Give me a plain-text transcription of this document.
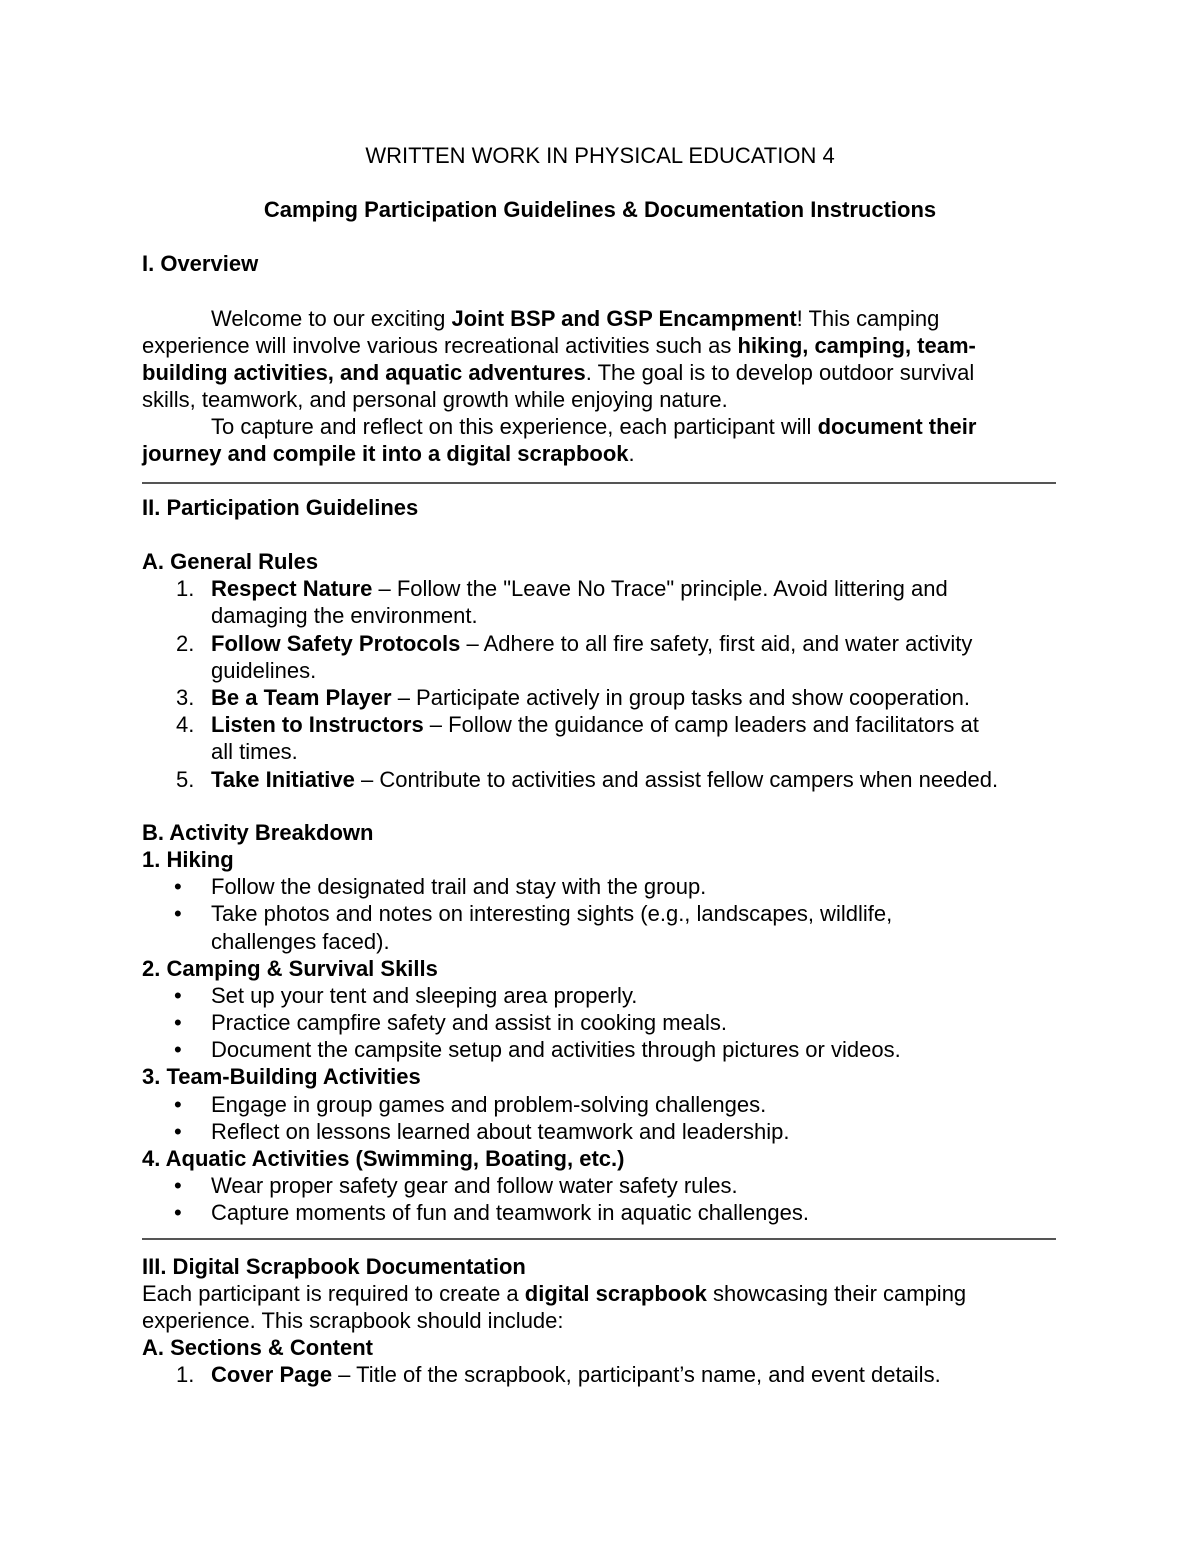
WRITTEN WORK IN PHYSICAL EDUCATION 4
Camping Participation Guidelines & Documentation Instructions
I. Overview
Welcome to our exciting Joint BSP and GSP Encampment! This camping
experience will involve various recreational activities such as hiking, camping, team-
building activities, and aquatic adventures. The goal is to develop outdoor survival
skills, teamwork, and personal growth while enjoying nature.
To capture and reflect on this experience, each participant will document their
journey and compile it into a digital scrapbook.
II. Participation Guidelines
A. General Rules
1. Respect Nature – Follow the "Leave No Trace" principle. Avoid littering and
damaging the environment.
2. Follow Safety Protocols – Adhere to all fire safety, first aid, and water activity
guidelines.
3. Be a Team Player – Participate actively in group tasks and show cooperation.
4. Listen to Instructors – Follow the guidance of camp leaders and facilitators at
all times.
5. Take Initiative – Contribute to activities and assist fellow campers when needed.
B. Activity Breakdown
1. Hiking
• Follow the designated trail and stay with the group.
• Take photos and notes on interesting sights (e.g., landscapes, wildlife,
challenges faced).
2. Camping & Survival Skills
• Set up your tent and sleeping area properly.
• Practice campfire safety and assist in cooking meals.
• Document the campsite setup and activities through pictures or videos.
3. Team-Building Activities
• Engage in group games and problem-solving challenges.
• Reflect on lessons learned about teamwork and leadership.
4. Aquatic Activities (Swimming, Boating, etc.)
• Wear proper safety gear and follow water safety rules.
• Capture moments of fun and teamwork in aquatic challenges.
III. Digital Scrapbook Documentation
Each participant is required to create a digital scrapbook showcasing their camping
experience. This scrapbook should include:
A. Sections & Content
1. Cover Page – Title of the scrapbook, participant’s name, and event details.
